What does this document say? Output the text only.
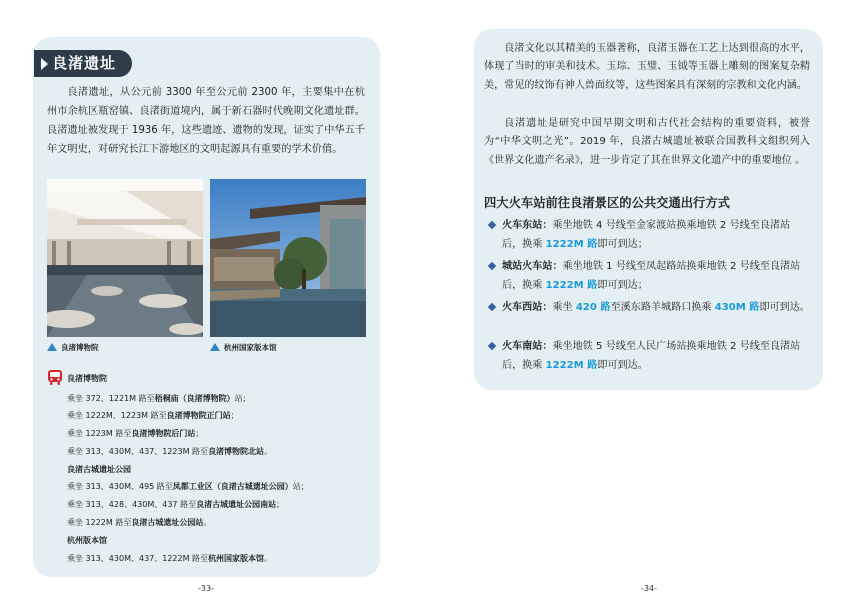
良渚遗址

良渚遗址，从公元前 3300 年至公元前 2300 年，主要集中在杭州市余杭区瓶窑镇、良渚街道境内，属于新石器时代晚期文化遗址群。良渚遗址被发现于 1936 年，这些遗迹、遗物的发现，证实了中华五千年文明史，对研究长江下游地区的文明起源具有重要的学术价值。

良渚博物院	杭州国家版本馆
良渚博物院
乘坐 372、1221M 路至梧桐庙（良渚博物院）站；
乘坐 1222M、1223M 路至良渚博物院正门站；
乘坐 1223M 路至良渚博物院后门站；
乘坐 313、430M、437、1223M 路至良渚博物院北站。
良渚古城遗址公园
乘坐 313、430M、495 路至凤都工业区（良渚古城遗址公园）站；
乘坐 313、428、430M、437 路至良渚古城遗址公园南站；
乘坐 1222M 路至良渚古城遗址公园站。
杭州版本馆
乘坐 313、430M、437、1222M 路至杭州国家版本馆。
-33-

良渚文化以其精美的玉器著称，良渚玉器在工艺上达到很高的水平，体现了当时的审美和技术。玉琮、玉璧、玉钺等玉器上雕刻的图案复杂精美，常见的纹饰有神人兽面纹等，这些图案具有深刻的宗教和文化内涵。

良渚遗址是研究中国早期文明和古代社会结构的重要资料，被誉为“中华文明之光”。2019 年，良渚古城遗址被联合国教科文组织列入《世界文化遗产名录》，进一步肯定了其在世界文化遗产中的重要地位 。

四大火车站前往良渚景区的公共交通出行方式
火车东站：乘坐地铁 4 号线至金家渡站换乘地铁 2 号线至良渚站后，换乘 1222M 路即可到达；
城站火车站：乘坐地铁 1 号线至凤起路站换乘地铁 2 号线至良渚站后，换乘 1222M 路即可到达；
火车西站：乘坐 420 路至溪东路羊城路口换乘 430M 路即可到达。
火车南站：乘坐地铁 5 号线至人民广场站换乘地铁 2 号线至良渚站后，换乘 1222M 路即可到达。
-34-
